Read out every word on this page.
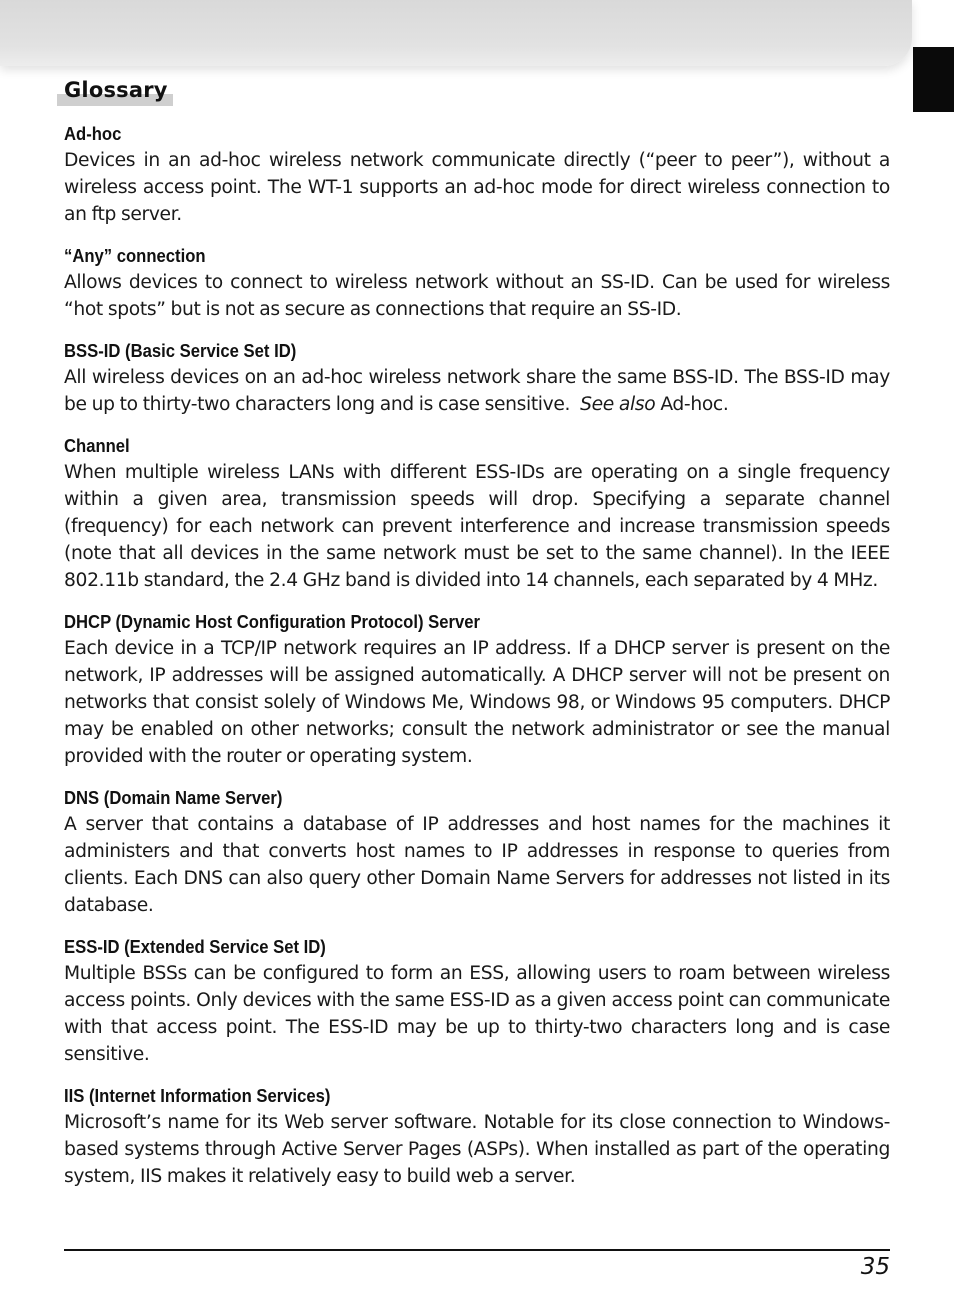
Glossary
Ad-hoc

Devices in an ad-hoc wireless network communicate directly (“peer to peer”), without a wireless access point. The WT-1 supports an ad-hoc mode for direct wireless connection to an ftp server.

“Any” connection

Allows devices to connect to wireless network without an SS-ID. Can be used for wireless “hot spots” but is not as secure as connections that require an SS-ID.

BSS-ID (Basic Service Set ID)

All wireless devices on an ad-hoc wireless network share the same BSS-ID. The BSS-ID may be up to thirty-two characters long and is case sensitive. See also Ad-hoc.

Channel

When multiple wireless LANs with different ESS-IDs are operating on a single frequency within a given area, transmission speeds will drop. Specifying a separate channel (frequency) for each network can prevent interference and increase transmission speeds (note that all devices in the same network must be set to the same channel). In the IEEE 802.11b standard, the 2.4 GHz band is divided into 14 channels, each separated by 4 MHz.

DHCP (Dynamic Host Configuration Protocol) Server

Each device in a TCP/IP network requires an IP address. If a DHCP server is present on the network, IP addresses will be assigned automatically. A DHCP server will not be present on networks that consist solely of Windows Me, Windows 98, or Windows 95 computers. DHCP may be enabled on other networks; consult the network administrator or see the manual provided with the router or operating system.

DNS (Domain Name Server)

A server that contains a database of IP addresses and host names for the machines it administers and that converts host names to IP addresses in response to queries from clients. Each DNS can also query other Domain Name Servers for addresses not listed in its database.

ESS-ID (Extended Service Set ID)

Multiple BSSs can be configured to form an ESS, allowing users to roam between wireless access points. Only devices with the same ESS-ID as a given access point can communicate with that access point. The ESS-ID may be up to thirty-two characters long and is case sensitive.

IIS (Internet Information Services)

Microsoft’s name for its Web server software. Notable for its close connection to Windows-based systems through Active Server Pages (ASPs). When installed as part of the operating system, IIS makes it relatively easy to build web a server.

35
